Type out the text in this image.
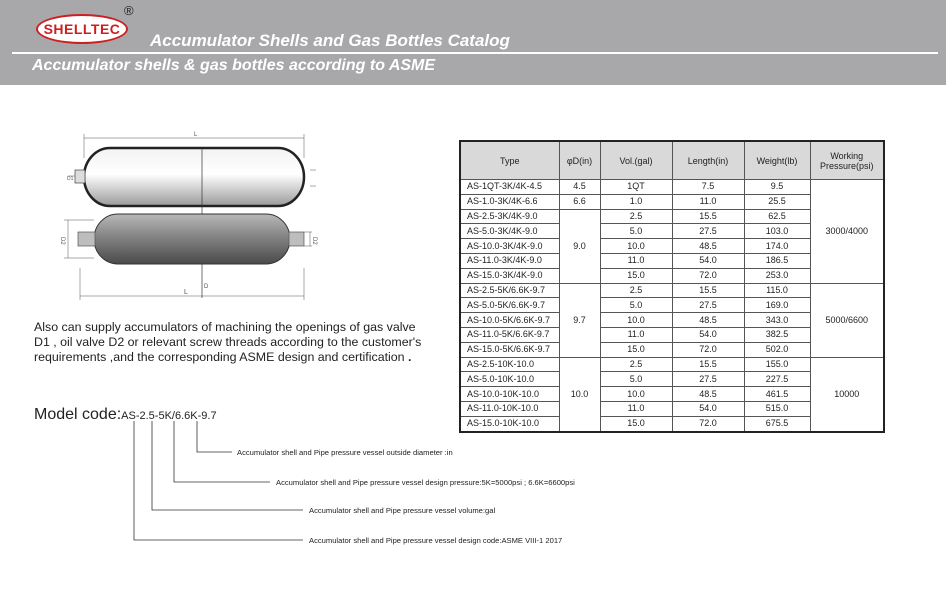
SHELLTEC
®
Accumulator Shells and Gas Bottles Catalog
Accumulator shells & gas bottles according to ASME
L
D1
D2	D2
L
D
Also can supply accumulators of machining the openings of gas valve
D1 , oil valve D2 or relevant screw threads according to the customer's
requirements ,and the corresponding ASME design and certification .
Model code:AS-2.5-5K/6.6K-9.7
Accumulator shell and Pipe pressure vessel outside diameter :in
Accumulator shell and Pipe pressure vessel design pressure:5K=5000psi ; 6.6K=6600psi
Accumulator shell and Pipe pressure vessel volume:gal
Accumulator shell and Pipe pressure vessel design code:ASME VIII-1 2017
Type	φD(in)	Vol.(gal)	Length(in)	Weight(lb)	Working
Pressure(psi)

AS-1QT-3K/4K-4.5	4.5	1QT	7.5	9.5	3000/4000
AS-1.0-3K/4K-6.6	6.6	1.0	11.0	25.5	
AS-2.5-3K/4K-9.0	9.0	2.5	15.5	62.5	
AS-5.0-3K/4K-9.0		5.0	27.5	103.0	
AS-10.0-3K/4K-9.0		10.0	48.5	174.0	
AS-11.0-3K/4K-9.0		11.0	54.0	186.5	
AS-15.0-3K/4K-9.0		15.0	72.0	253.0	
AS-2.5-5K/6.6K-9.7	9.7	2.5	15.5	115.0	5000/6600
AS-5.0-5K/6.6K-9.7		5.0	27.5	169.0	
AS-10.0-5K/6.6K-9.7		10.0	48.5	343.0	
AS-11.0-5K/6.6K-9.7		11.0	54.0	382.5	
AS-15.0-5K/6.6K-9.7		15.0	72.0	502.0	
AS-2.5-10K-10.0	10.0	2.5	15.5	155.0	10000
AS-5.0-10K-10.0		5.0	27.5	227.5	
AS-10.0-10K-10.0		10.0	48.5	461.5	
AS-11.0-10K-10.0		11.0	54.0	515.0	
AS-15.0-10K-10.0		15.0	72.0	675.5	
